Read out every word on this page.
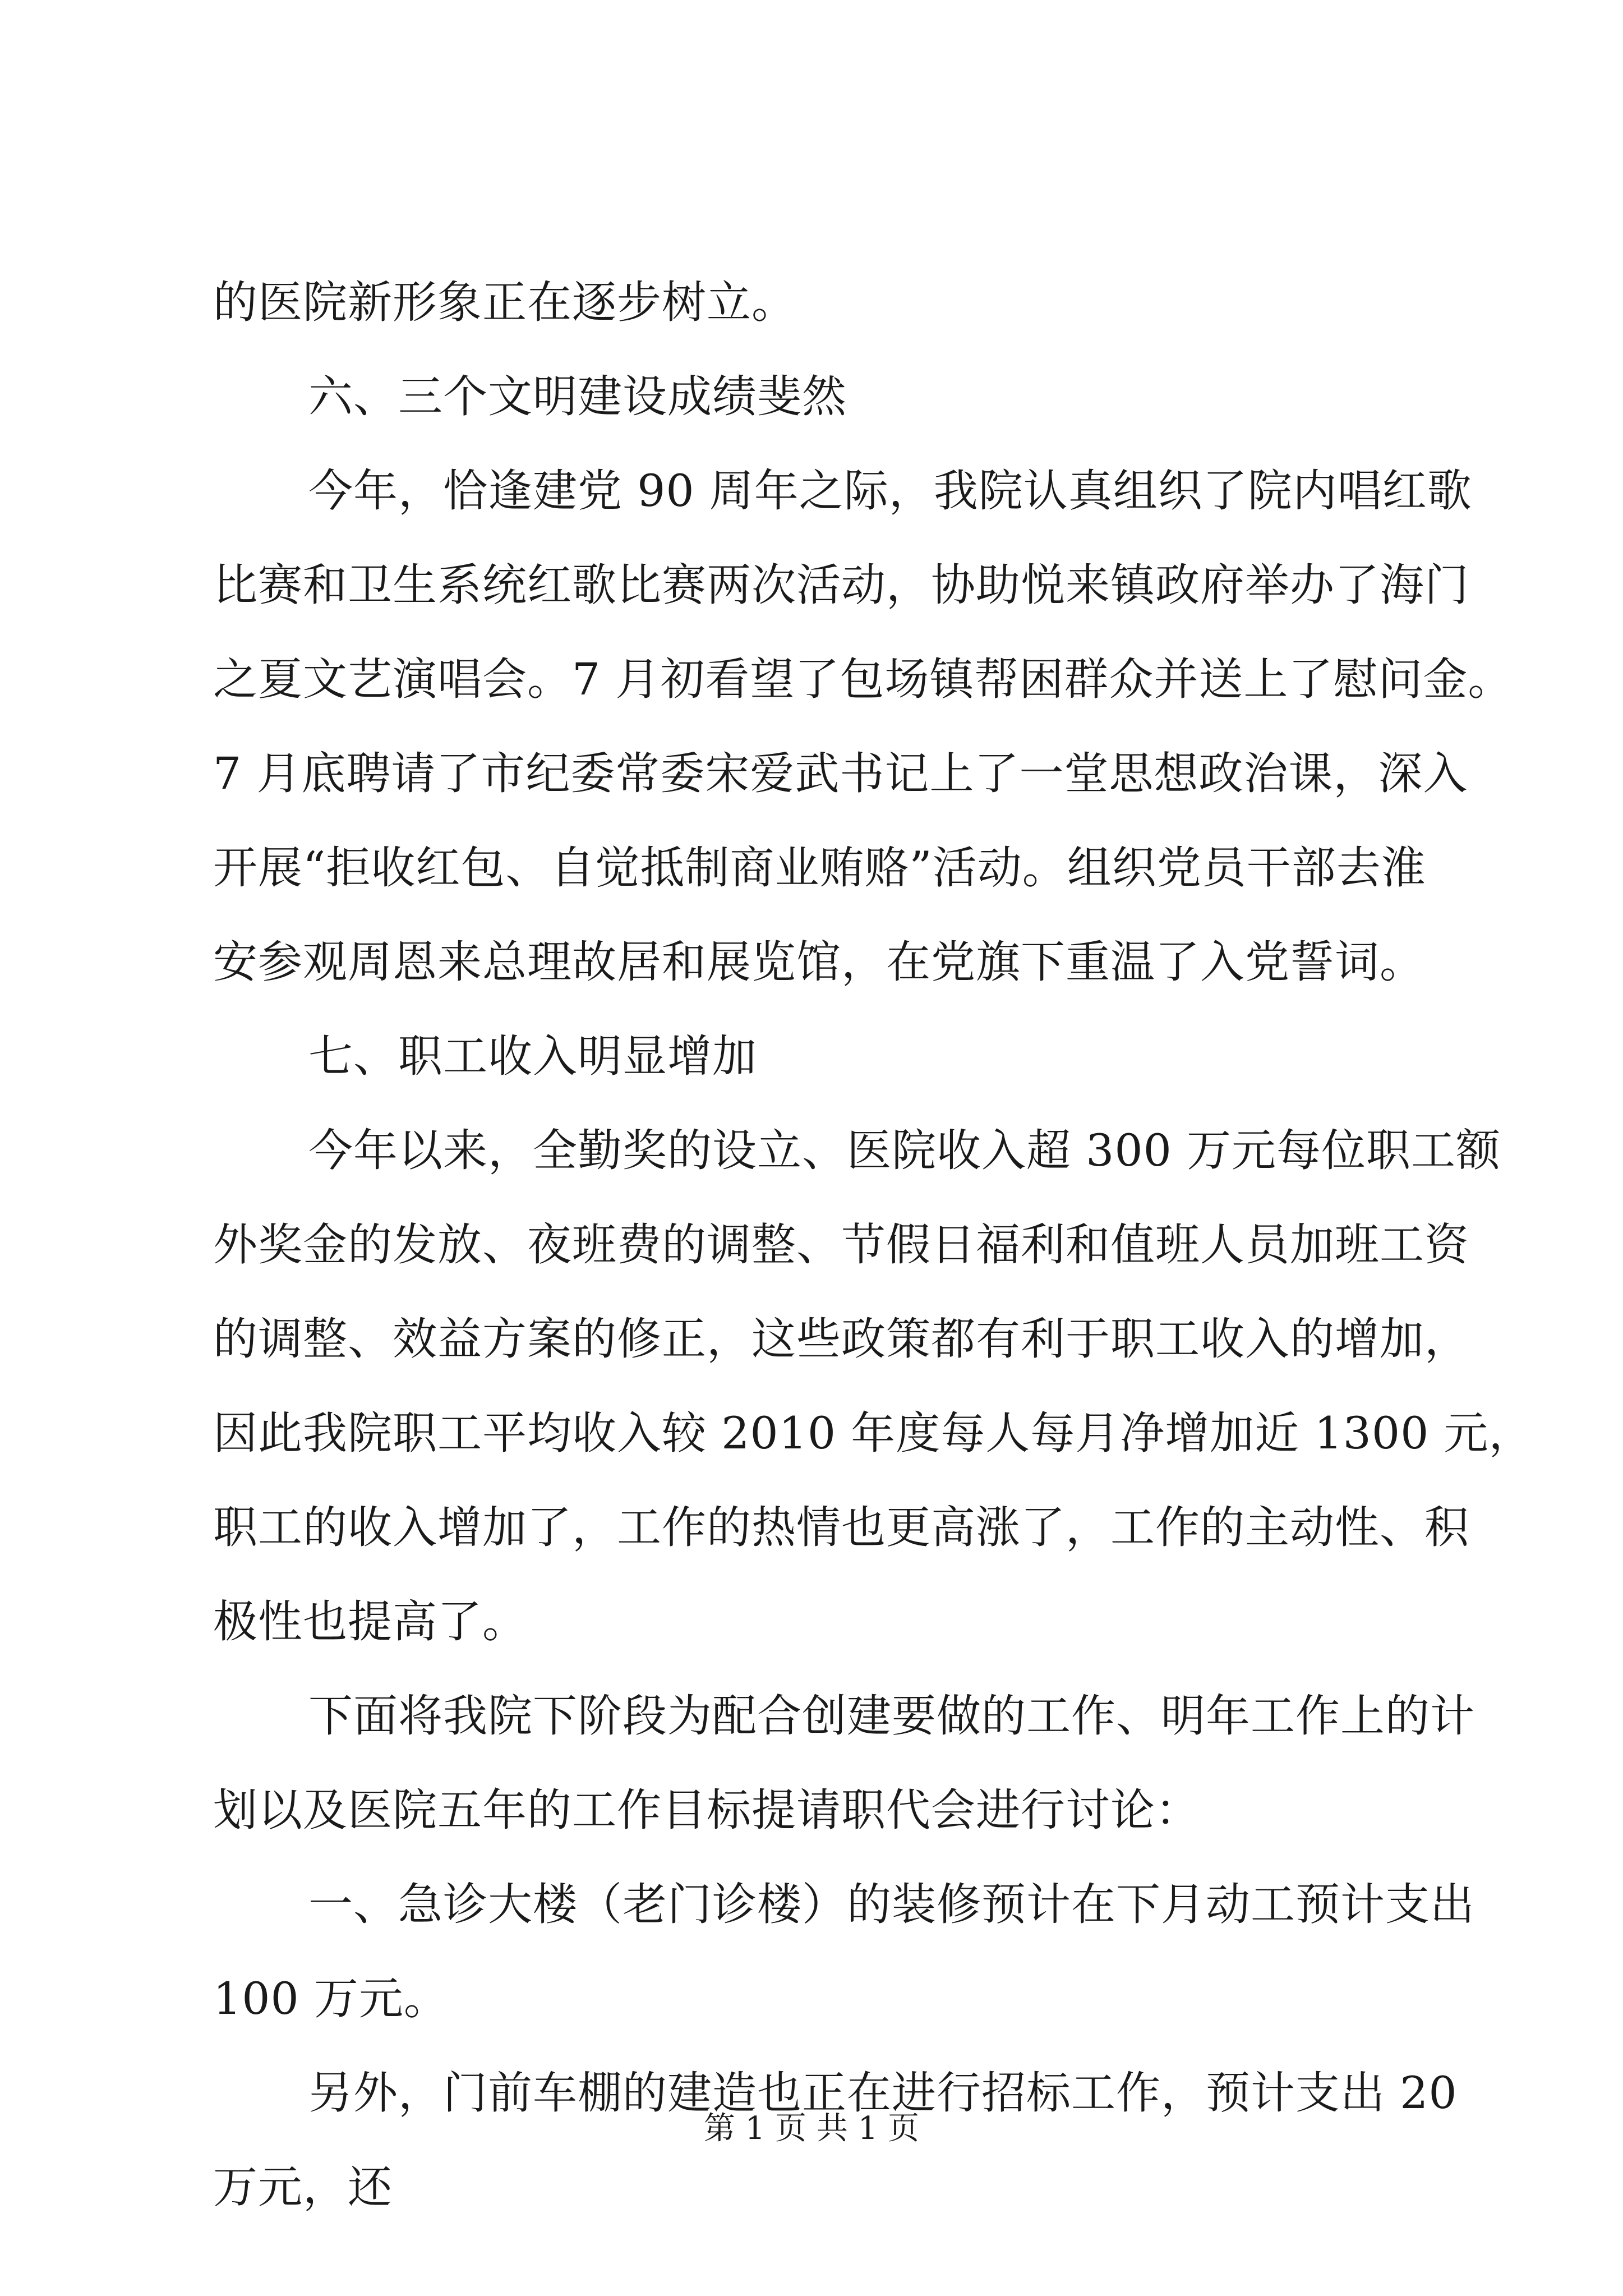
的医院新形象正在逐步树立。
六、三个文明建设成绩斐然
今年，恰逢建党 90 周年之际，我院认真组织了院内唱红歌
比赛和卫生系统红歌比赛两次活动，协助悦来镇政府举办了海门
之夏文艺演唱会。7 月初看望了包场镇帮困群众并送上了慰问金。
7 月底聘请了市纪委常委宋爱武书记上了一堂思想政治课，深入
开展“拒收红包、自觉抵制商业贿赂”活动。组织党员干部去淮
安参观周恩来总理故居和展览馆，在党旗下重温了入党誓词。
七、职工收入明显增加
今年以来，全勤奖的设立、医院收入超 300 万元每位职工额
外奖金的发放、夜班费的调整、节假日福利和值班人员加班工资
的调整、效益方案的修正，这些政策都有利于职工收入的增加，
因此我院职工平均收入较 2010 年度每人每月净增加近 1300 元，
职工的收入增加了，工作的热情也更高涨了，工作的主动性、积
极性也提高了。
下面将我院下阶段为配合创建要做的工作、明年工作上的计
划以及医院五年的工作目标提请职代会进行讨论：
一、急诊大楼（老门诊楼）的装修预计在下月动工预计支出
100 万元。
另外，门前车棚的建造也正在进行招标工作，预计支出 20
万元，还
第 1 页 共 1 页
